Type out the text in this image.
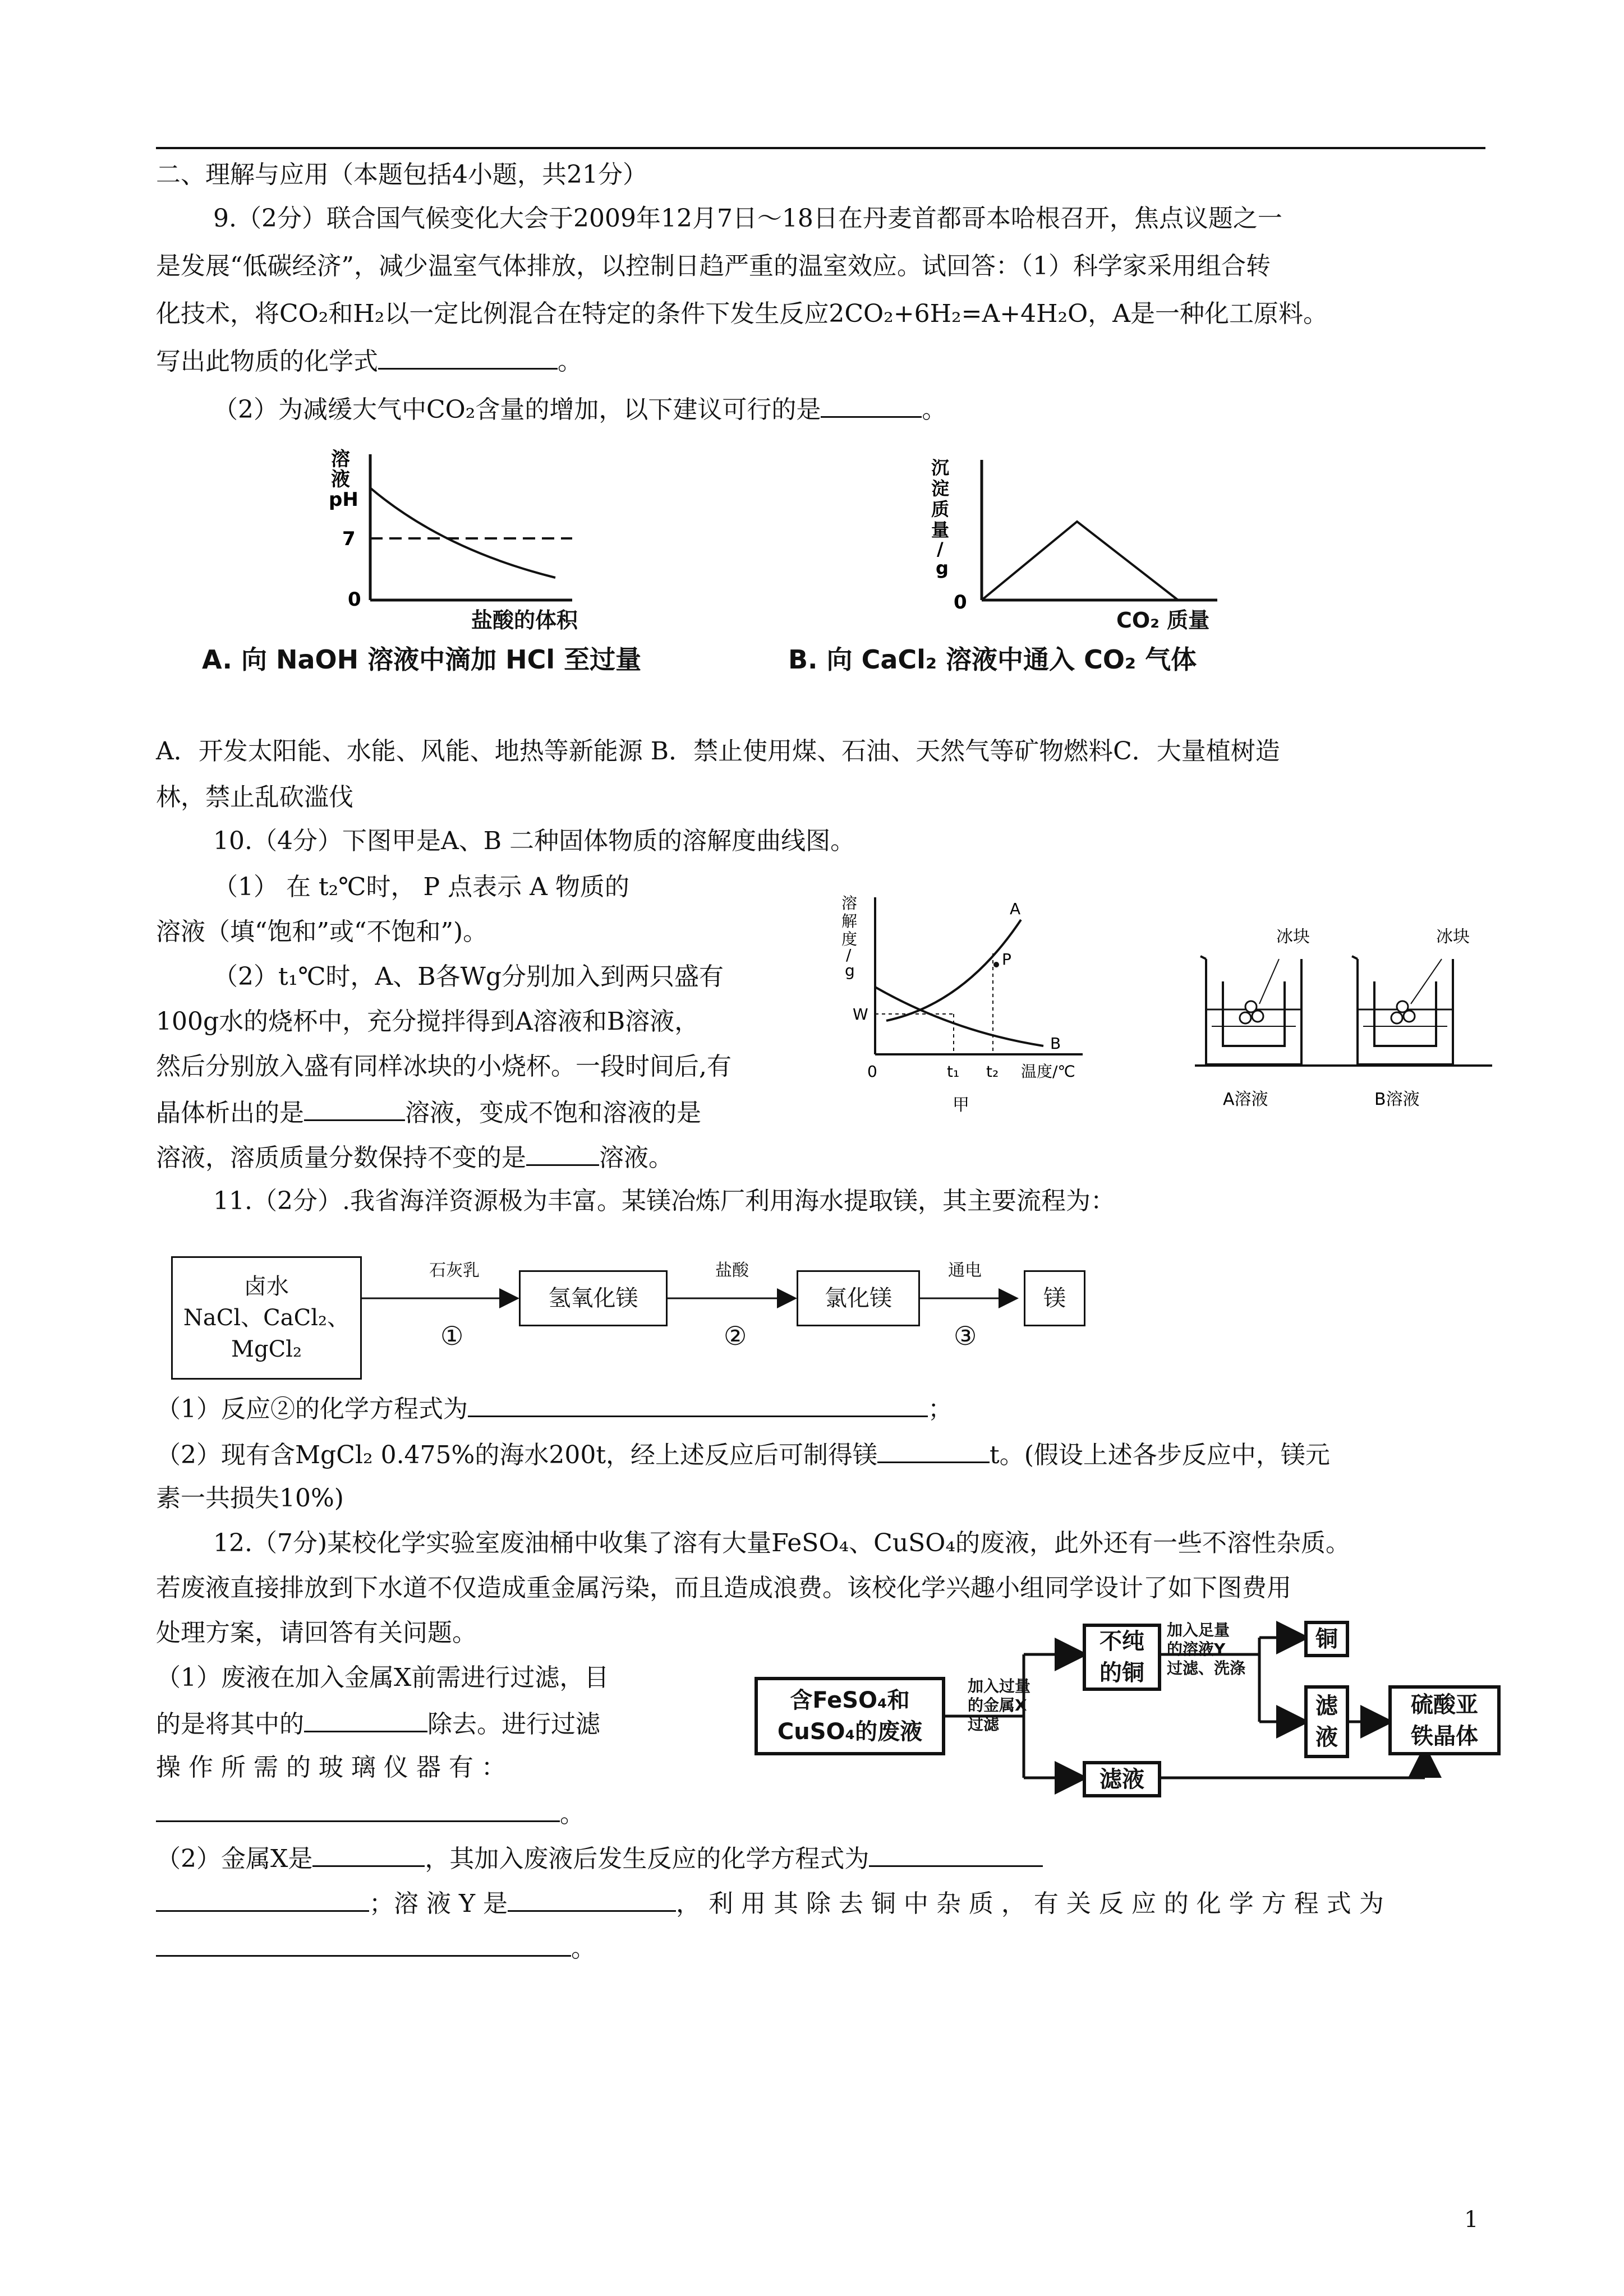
二、理解与应用（本题包括4小题，共21分）
9.（2分）联合国气候变化大会于2009年12月7日～18日在丹麦首都哥本哈根召开，焦点议题之一
是发展“低碳经济”，减少温室气体排放，以控制日趋严重的温室效应。试回答：（1）科学家采用组合转
化技术，将CO₂和H₂以一定比例混合在特定的条件下发生反应2CO₂+6H₂=A+4H₂O，A是一种化工原料。
写出此物质的化学式	。
（2）为减缓大气中CO₂含量的增加，以下建议可行的是	。
溶
液
pH
7
0
盐酸的体积
A. 向 NaOH 溶液中滴加 HCl 至过量
沉
淀
质
量
/
g
0
CO₂ 质量
B. 向 CaCl₂ 溶液中通入 CO₂ 气体
A．开发太阳能、水能、风能、地热等新能源 B．禁止使用煤、石油、天然气等矿物燃料C．大量植树造
林，禁止乱砍滥伐
10.（4分）下图甲是A、B 二种固体物质的溶解度曲线图。
（1） 在 t₂℃时， P 点表示 A 物质的
溶液（填“饱和”或“不饱和”)。
（2）t₁℃时，A、B各Wg分别加入到两只盛有
100g水的烧杯中，充分搅拌得到A溶液和B溶液，
然后分别放入盛有同样冰块的小烧杯。一段时间后,有
晶体析出的是	溶液，变成不饱和溶液的是
溶液，溶质质量分数保持不变的是	溶液。
溶
解
度
/
g
W
0	t₁ t₂ 温度/℃
A
B
P
甲
冰块	冰块
A溶液	B溶液
11.（2分）.我省海洋资源极为丰富。某镁冶炼厂利用海水提取镁，其主要流程为：
卤水
NaCl、CaCl₂、
MgCl₂
石灰乳
①
氢氧化镁
盐酸
②
氯化镁
通电
③
镁
（1）反应②的化学方程式为	；
（2）现有含MgCl₂ 0.475%的海水200t，经上述反应后可制得镁	t。(假设上述各步反应中，镁元
素一共损失10%)
12.（7分)某校化学实验室废油桶中收集了溶有大量FeSO₄、CuSO₄的废液，此外还有一些不溶性杂质。
若废液直接排放到下水道不仅造成重金属污染，而且造成浪费。该校化学兴趣小组同学设计了如下图费用
处理方案，请回答有关问题。
（1）废液在加入金属X前需进行过滤，目
的是将其中的	除去。进行过滤
操 作 所 需 的 玻 璃 仪 器 有 ：
。
含FeSO₄和
CuSO₄的废液
加入过量
的金属X
过滤
不纯
的铜
加入足量
的溶液Y
过滤、洗涤
铜
滤
液
硫酸亚
铁晶体
滤液
（2）金属X是	，其加入废液后发生反应的化学方程式为
；溶 液 Y 是	， 利 用 其 除 去 铜 中 杂 质 ， 有 关 反 应 的 化 学 方 程 式 为
。
1
